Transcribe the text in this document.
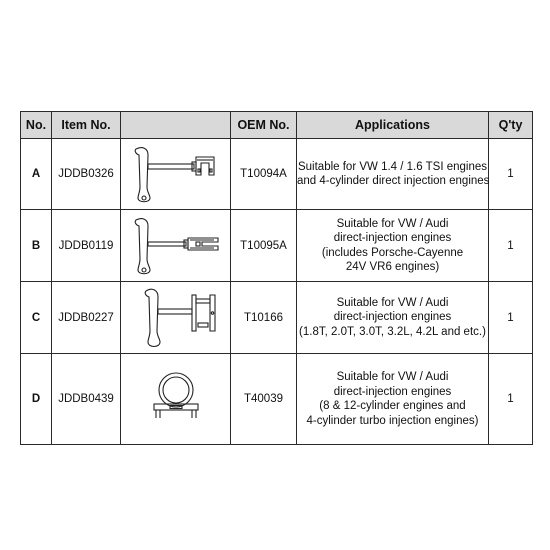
No.	Item No.		OEM No.	Applications	Q'ty
A	JDDB0326		T10094A	Suitable for VW 1.4 / 1.6 TSI engines
and 4-cylinder direct injection engines	1
B	JDDB0119		T10095A	Suitable for VW / Audi
direct-injection engines
(includes Porsche-Cayenne
24V VR6 engines)	1
C	JDDB0227		T10166	Suitable for VW / Audi
direct-injection engines
(1.8T, 2.0T, 3.0T, 3.2L, 4.2L and etc.)	1
D	JDDB0439		T40039	Suitable for VW / Audi
direct-injection engines
(8 & 12-cylinder engines and
4-cylinder turbo injection engines)	1
